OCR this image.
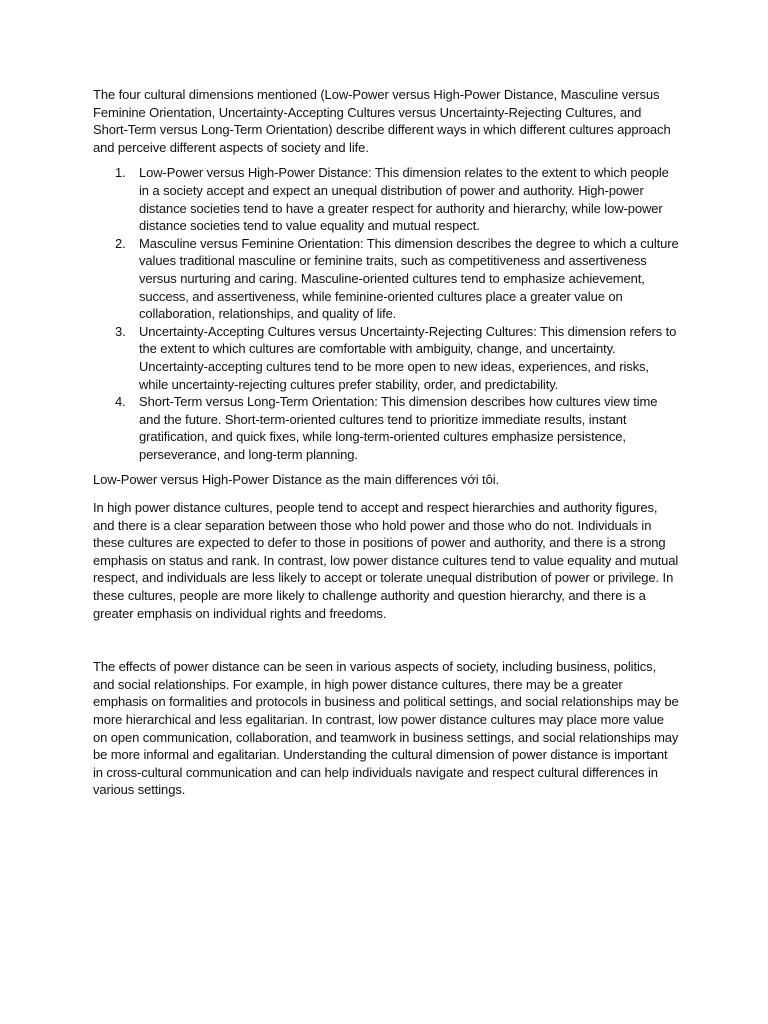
The four cultural dimensions mentioned (Low-Power versus High-Power Distance, Masculine versus Feminine Orientation, Uncertainty-Accepting Cultures versus Uncertainty-Rejecting Cultures, and Short-Term versus Long-Term Orientation) describe different ways in which different cultures approach and perceive different aspects of society and life.

1. Low-Power versus High-Power Distance: This dimension relates to the extent to which people in a society accept and expect an unequal distribution of power and authority. High-power distance societies tend to have a greater respect for authority and hierarchy, while low-power distance societies tend to value equality and mutual respect.
2. Masculine versus Feminine Orientation: This dimension describes the degree to which a culture values traditional masculine or feminine traits, such as competitiveness and assertiveness versus nurturing and caring. Masculine-oriented cultures tend to emphasize achievement, success, and assertiveness, while feminine-oriented cultures place a greater value on collaboration, relationships, and quality of life.
3. Uncertainty-Accepting Cultures versus Uncertainty-Rejecting Cultures: This dimension refers to the extent to which cultures are comfortable with ambiguity, change, and uncertainty. Uncertainty-accepting cultures tend to be more open to new ideas, experiences, and risks, while uncertainty-rejecting cultures prefer stability, order, and predictability.
4. Short-Term versus Long-Term Orientation: This dimension describes how cultures view time and the future. Short-term-oriented cultures tend to prioritize immediate results, instant gratification, and quick fixes, while long-term-oriented cultures emphasize persistence, perseverance, and long-term planning.

Low-Power versus High-Power Distance as the main differences với tôi.

In high power distance cultures, people tend to accept and respect hierarchies and authority figures, and there is a clear separation between those who hold power and those who do not. Individuals in these cultures are expected to defer to those in positions of power and authority, and there is a strong emphasis on status and rank. In contrast, low power distance cultures tend to value equality and mutual respect, and individuals are less likely to accept or tolerate unequal distribution of power or privilege. In these cultures, people are more likely to challenge authority and question hierarchy, and there is a greater emphasis on individual rights and freedoms.

The effects of power distance can be seen in various aspects of society, including business, politics, and social relationships. For example, in high power distance cultures, there may be a greater emphasis on formalities and protocols in business and political settings, and social relationships may be more hierarchical and less egalitarian. In contrast, low power distance cultures may place more value on open communication, collaboration, and teamwork in business settings, and social relationships may be more informal and egalitarian. Understanding the cultural dimension of power distance is important in cross-cultural communication and can help individuals navigate and respect cultural differences in various settings.
